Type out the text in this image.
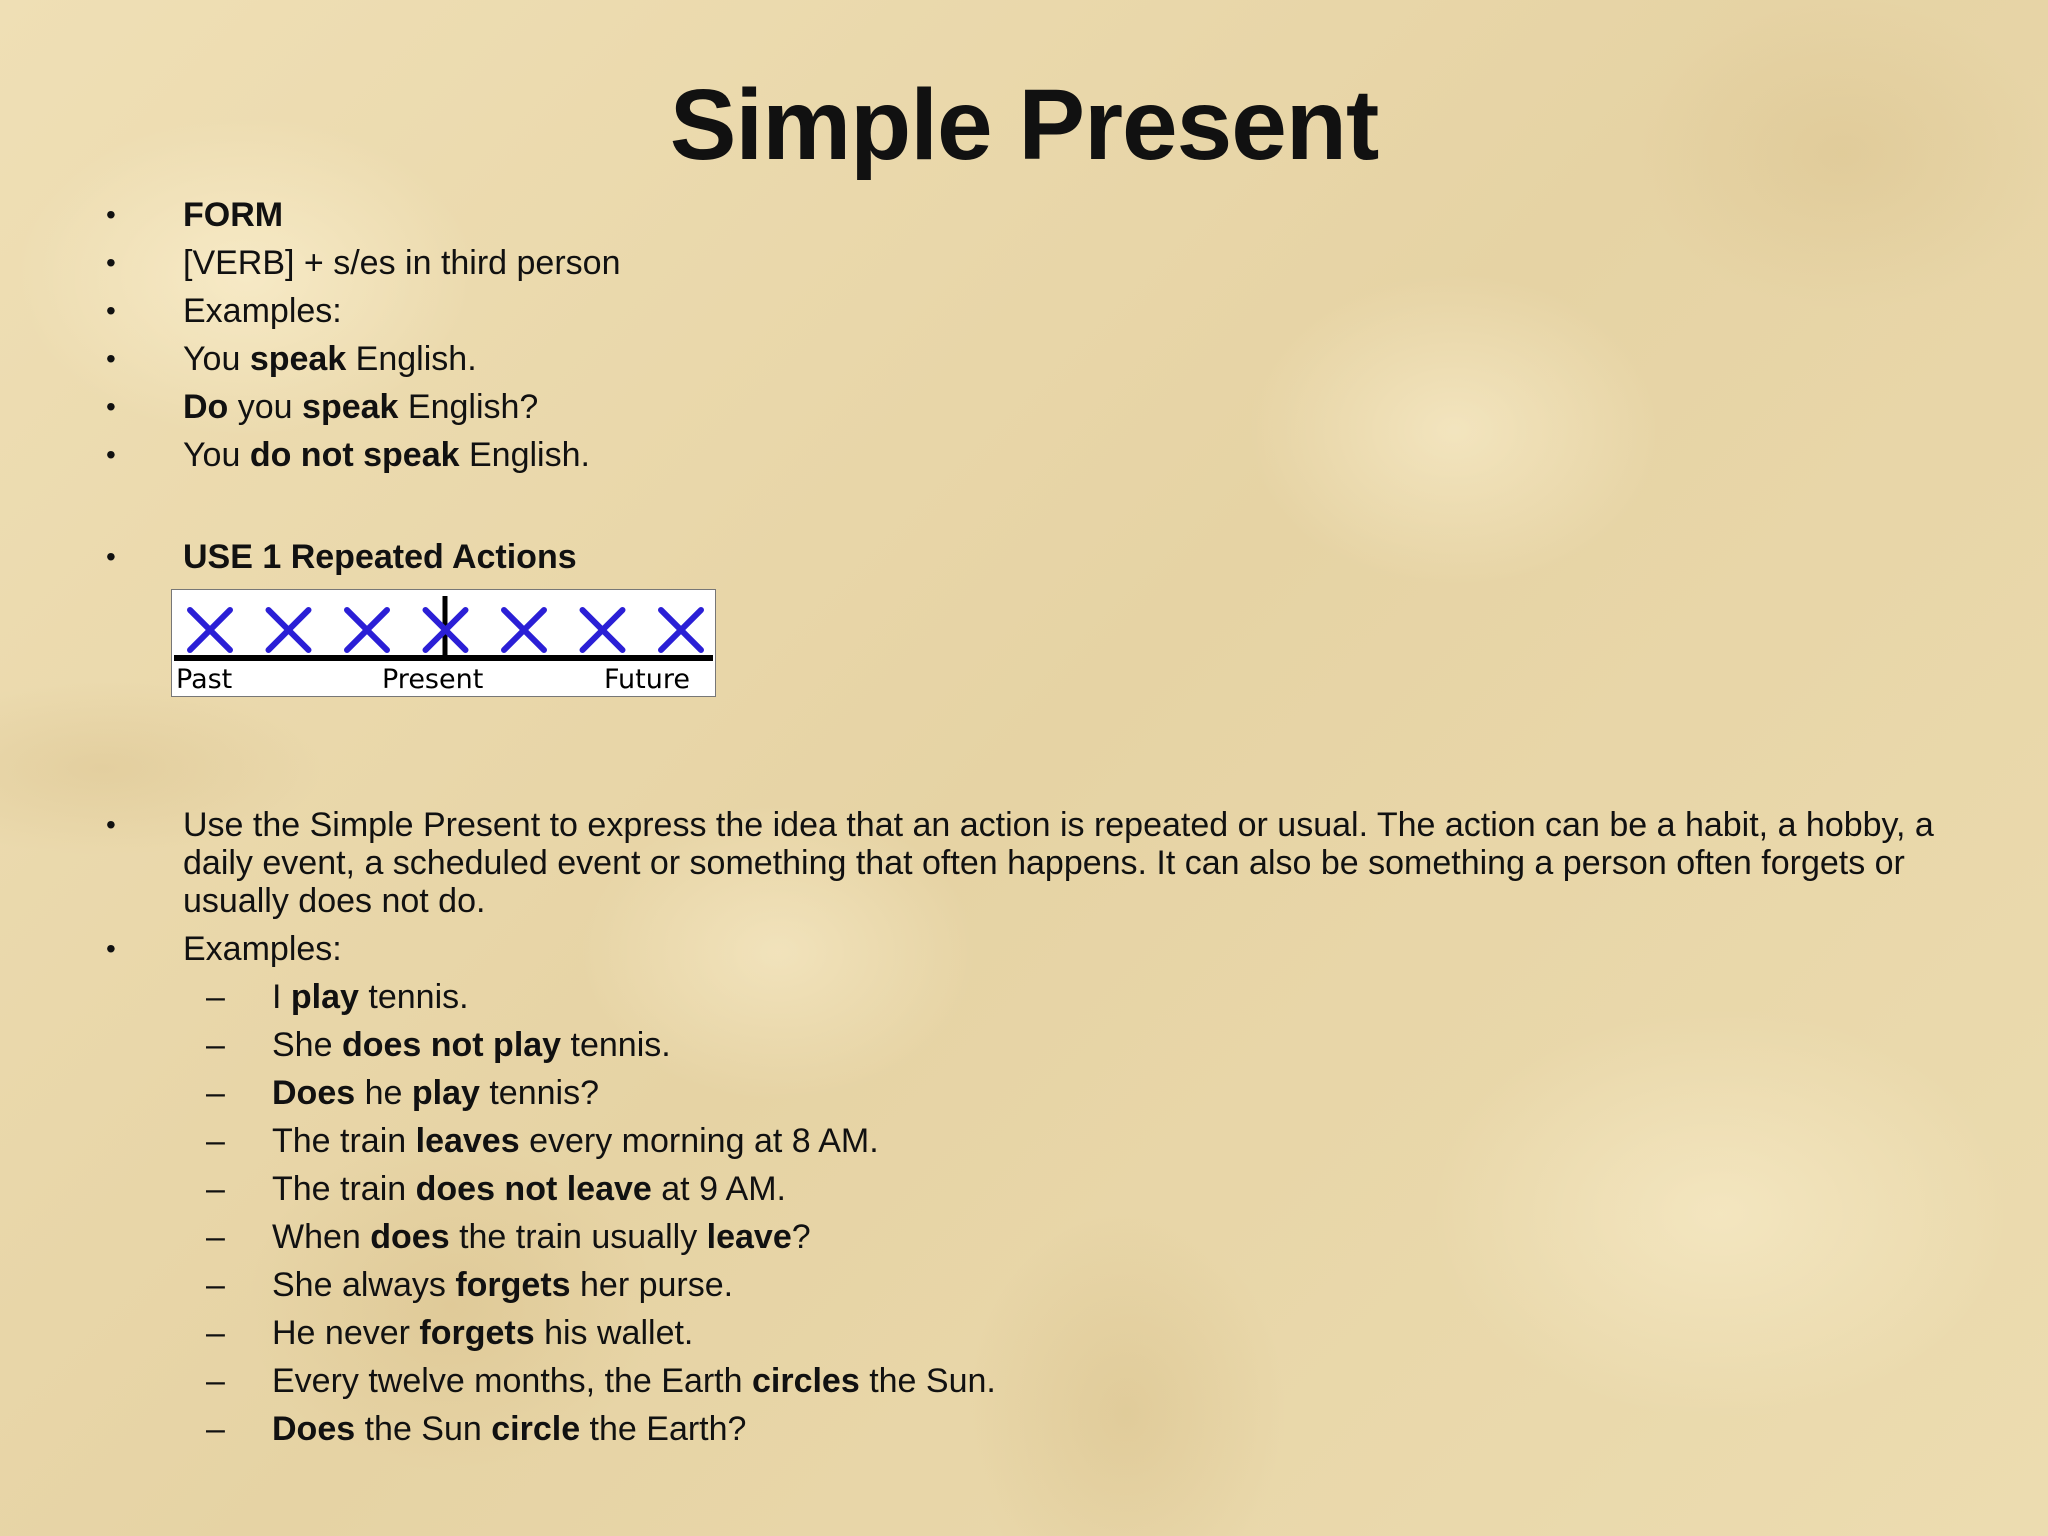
Simple Present
• FORM
• [VERB] + s/es in third person
• Examples:
• You speak English.
• Do you speak English?
• You do not speak English.
• USE 1 Repeated Actions
Past	Present	Future
• Use the Simple Present to express the idea that an action is repeated or usual. The action can be a habit, a hobby, a daily event, a scheduled event or something that often happens. It can also be something a person often forgets or usually does not do.
• Examples:
– I play tennis.
– She does not play tennis.
– Does he play tennis?
– The train leaves every morning at 8 AM.
– The train does not leave at 9 AM.
– When does the train usually leave?
– She always forgets her purse.
– He never forgets his wallet.
– Every twelve months, the Earth circles the Sun.
– Does the Sun circle the Earth?
